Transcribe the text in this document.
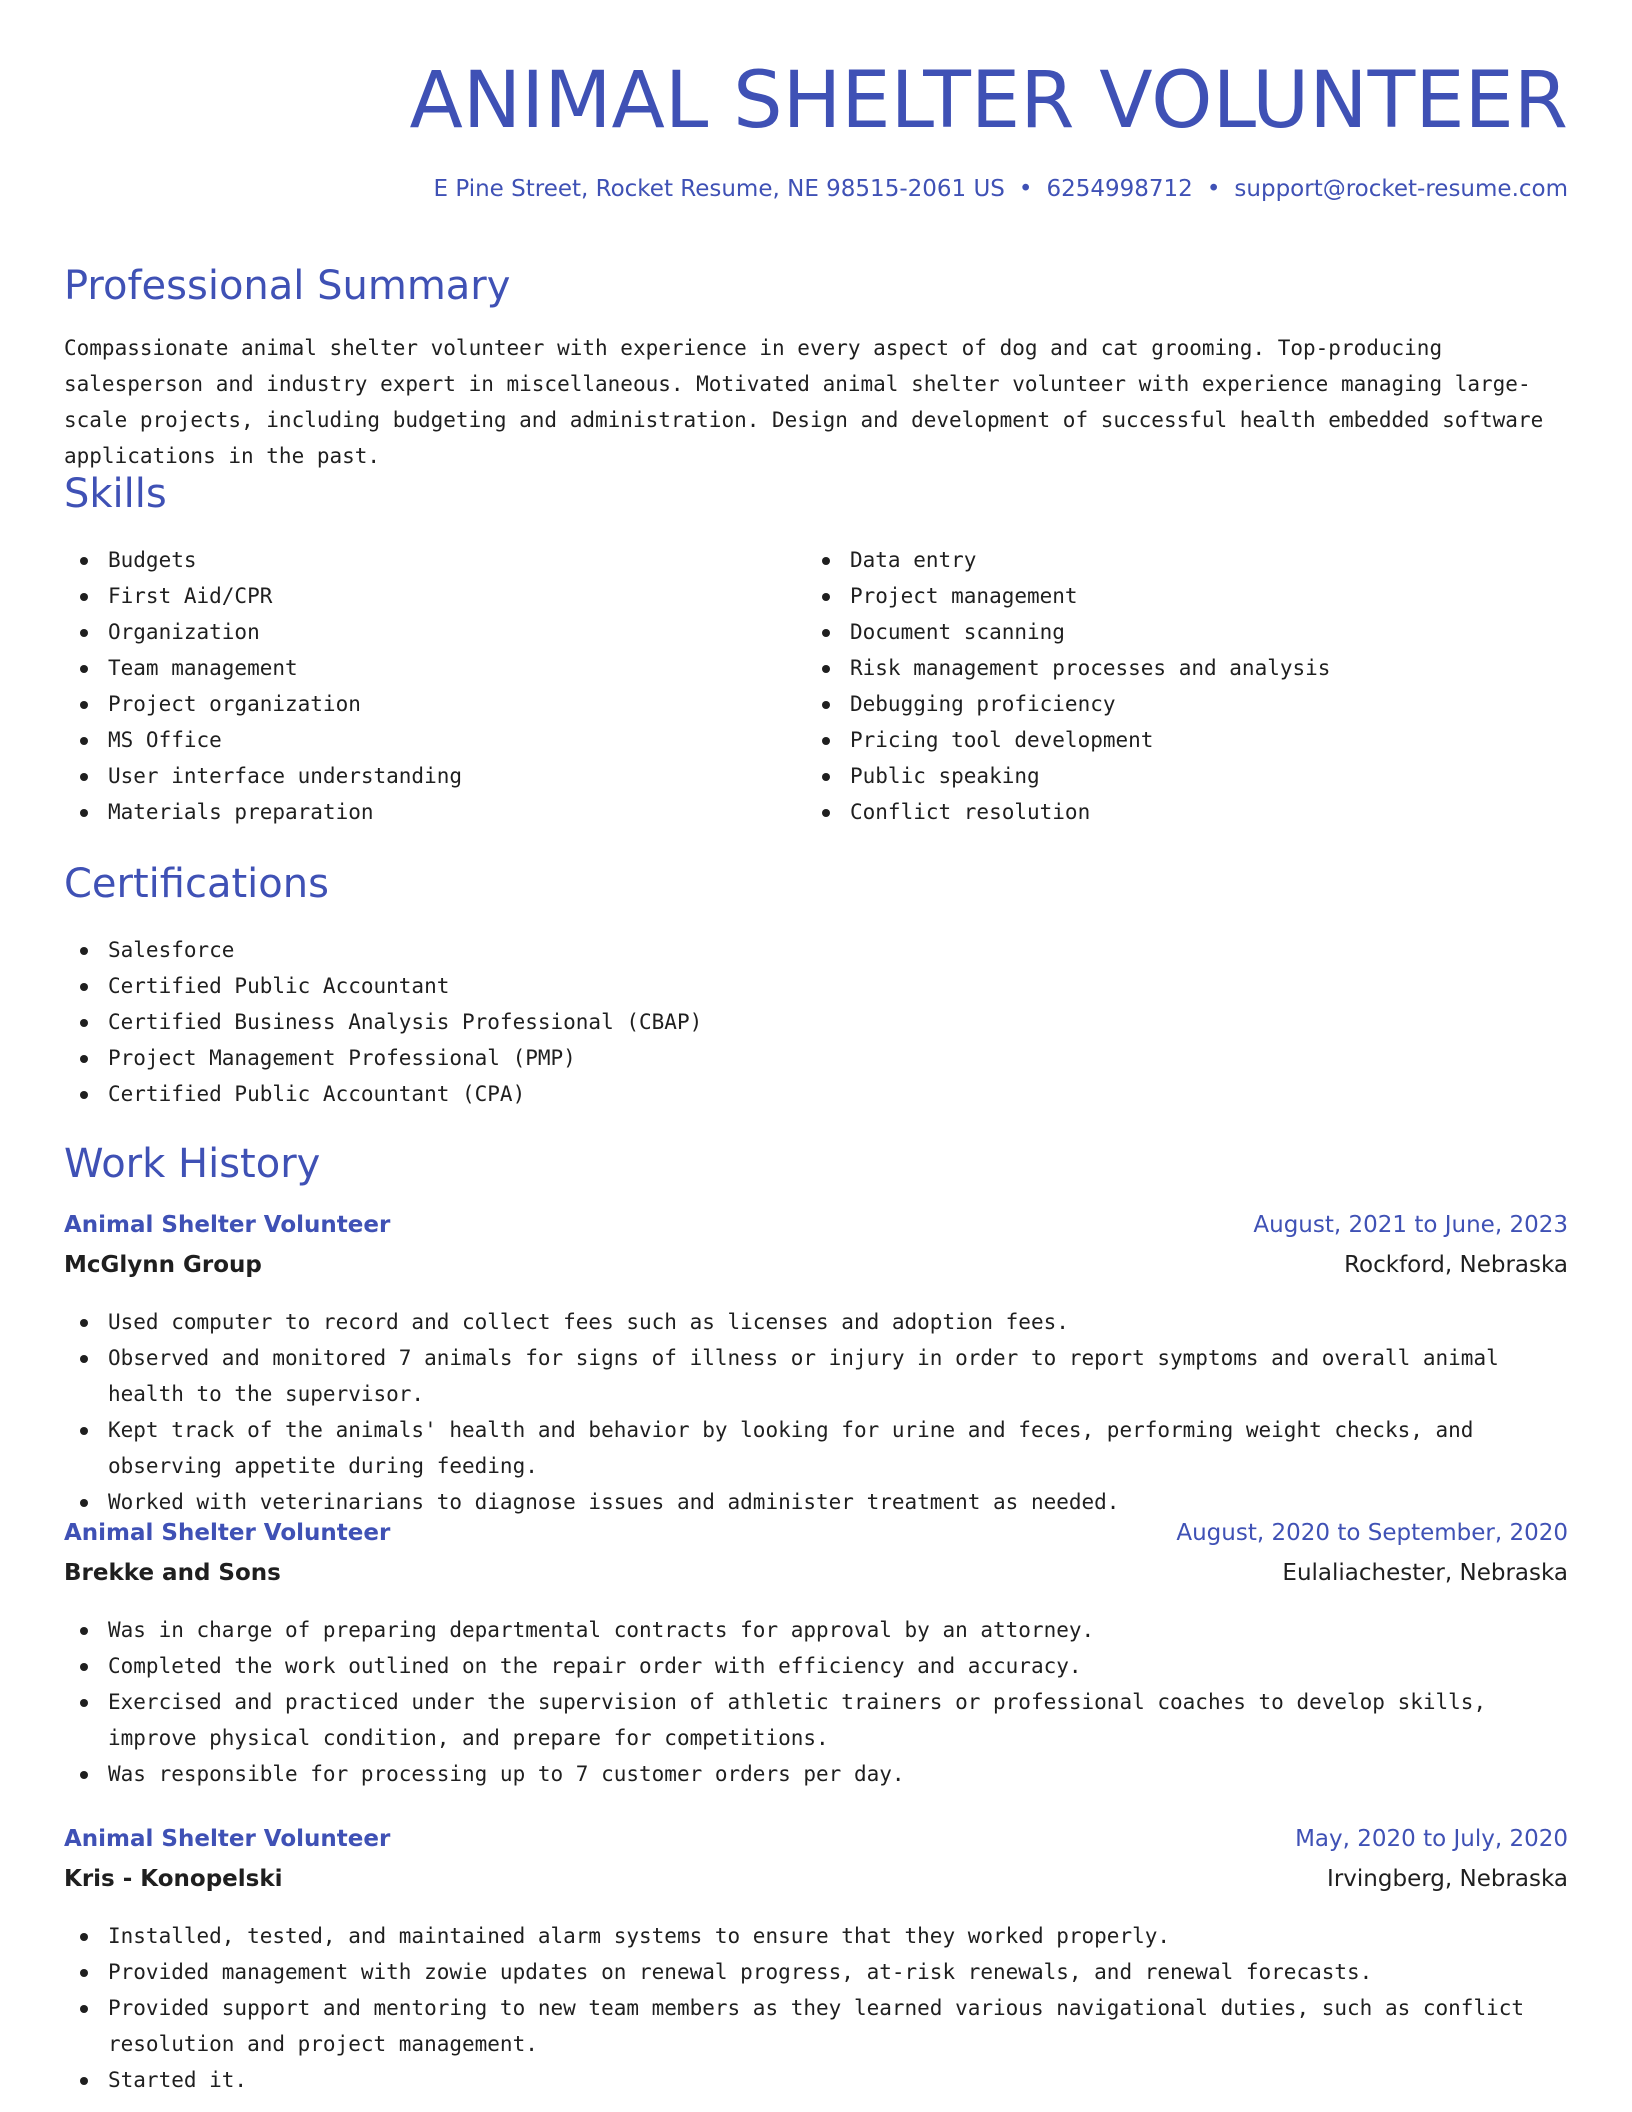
ANIMAL SHELTER VOLUNTEER
E Pine Street, Rocket Resume, NE 98515-2061 US • 6254998712 • support@rocket-resume.com
Professional Summary

Compassionate animal shelter volunteer with experience in every aspect of dog and cat grooming. Top-producing salesperson and industry expert in miscellaneous. Motivated animal shelter volunteer with experience managing large-scale projects, including budgeting and administration. Design and development of successful health embedded software applications in the past.

Skills
Budgets
First Aid/CPR
Organization
Team management
Project organization
MS Office
User interface understanding
Materials preparation
Data entry
Project management
Document scanning
Risk management processes and analysis
Debugging proficiency
Pricing tool development
Public speaking
Conflict resolution
Certifications
Salesforce
Certified Public Accountant
Certified Business Analysis Professional (CBAP)
Project Management Professional (PMP)
Certified Public Accountant (CPA)
Work History
Animal Shelter Volunteer	August, 2021 to June, 2023
McGlynn Group	Rockford, Nebraska
Used computer to record and collect fees such as licenses and adoption fees.
Observed and monitored 7 animals for signs of illness or injury in order to report symptoms and overall animal health to the supervisor.
Kept track of the animals' health and behavior by looking for urine and feces, performing weight checks, and observing appetite during feeding.
Worked with veterinarians to diagnose issues and administer treatment as needed.
Animal Shelter Volunteer	August, 2020 to September, 2020
Brekke and Sons	Eulaliachester, Nebraska
Was in charge of preparing departmental contracts for approval by an attorney.
Completed the work outlined on the repair order with efficiency and accuracy.
Exercised and practiced under the supervision of athletic trainers or professional coaches to develop skills, improve physical condition, and prepare for competitions.
Was responsible for processing up to 7 customer orders per day.
Animal Shelter Volunteer	May, 2020 to July, 2020
Kris - Konopelski	Irvingberg, Nebraska
Installed, tested, and maintained alarm systems to ensure that they worked properly.
Provided management with zowie updates on renewal progress, at-risk renewals, and renewal forecasts.
Provided support and mentoring to new team members as they learned various navigational duties, such as conflict resolution and project management.
Started it.
